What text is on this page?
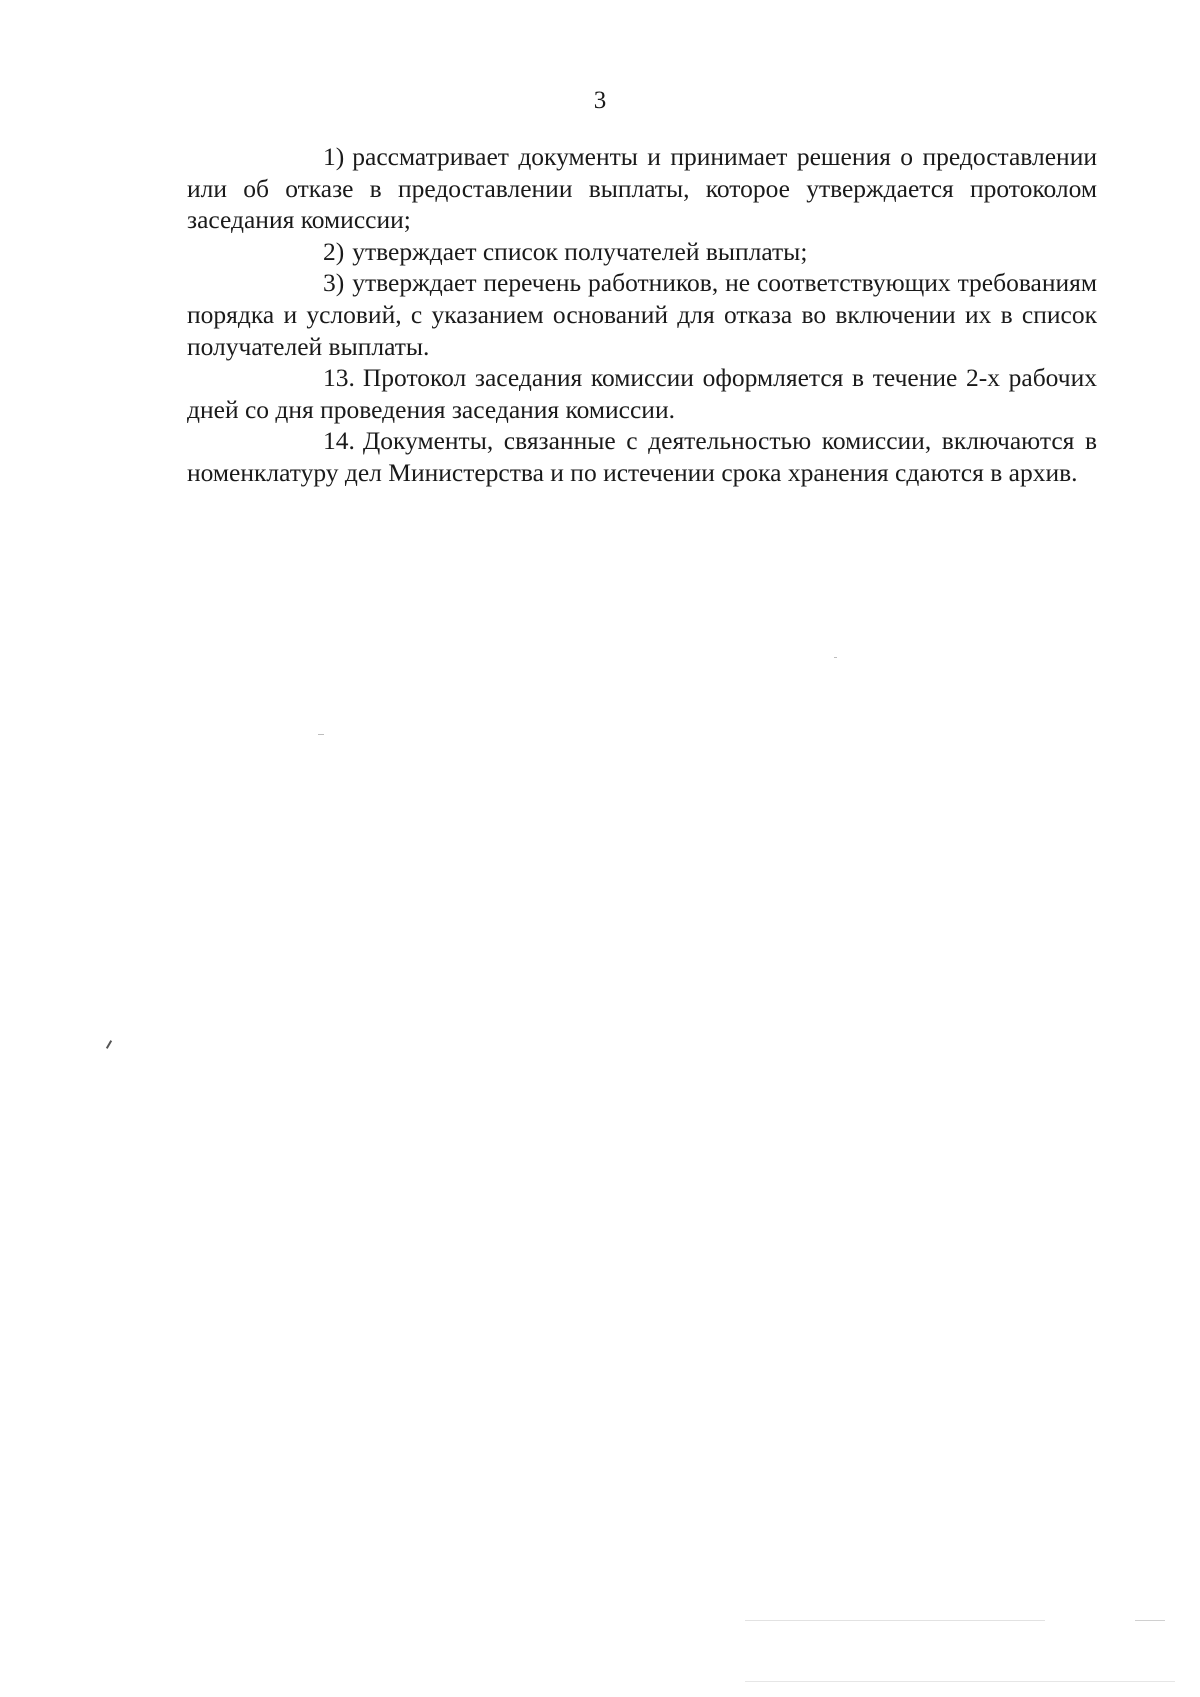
3

1) рассматривает документы и принимает решения о предоставлении или об отказе в предоставлении выплаты, которое утверждается протоколом заседания комиссии;

2) утверждает список получателей выплаты;

3) утверждает перечень работников, не соответствующих требованиям порядка и условий, с указанием оснований для отказа во включении их в список получателей выплаты.

13. Протокол заседания комиссии оформляется в течение 2-х рабочих дней со дня проведения заседания комиссии.

14. Документы, связанные с деятельностью комиссии, включаются в номенклатуру дел Министерства и по истечении срока хранения сдаются в архив.
